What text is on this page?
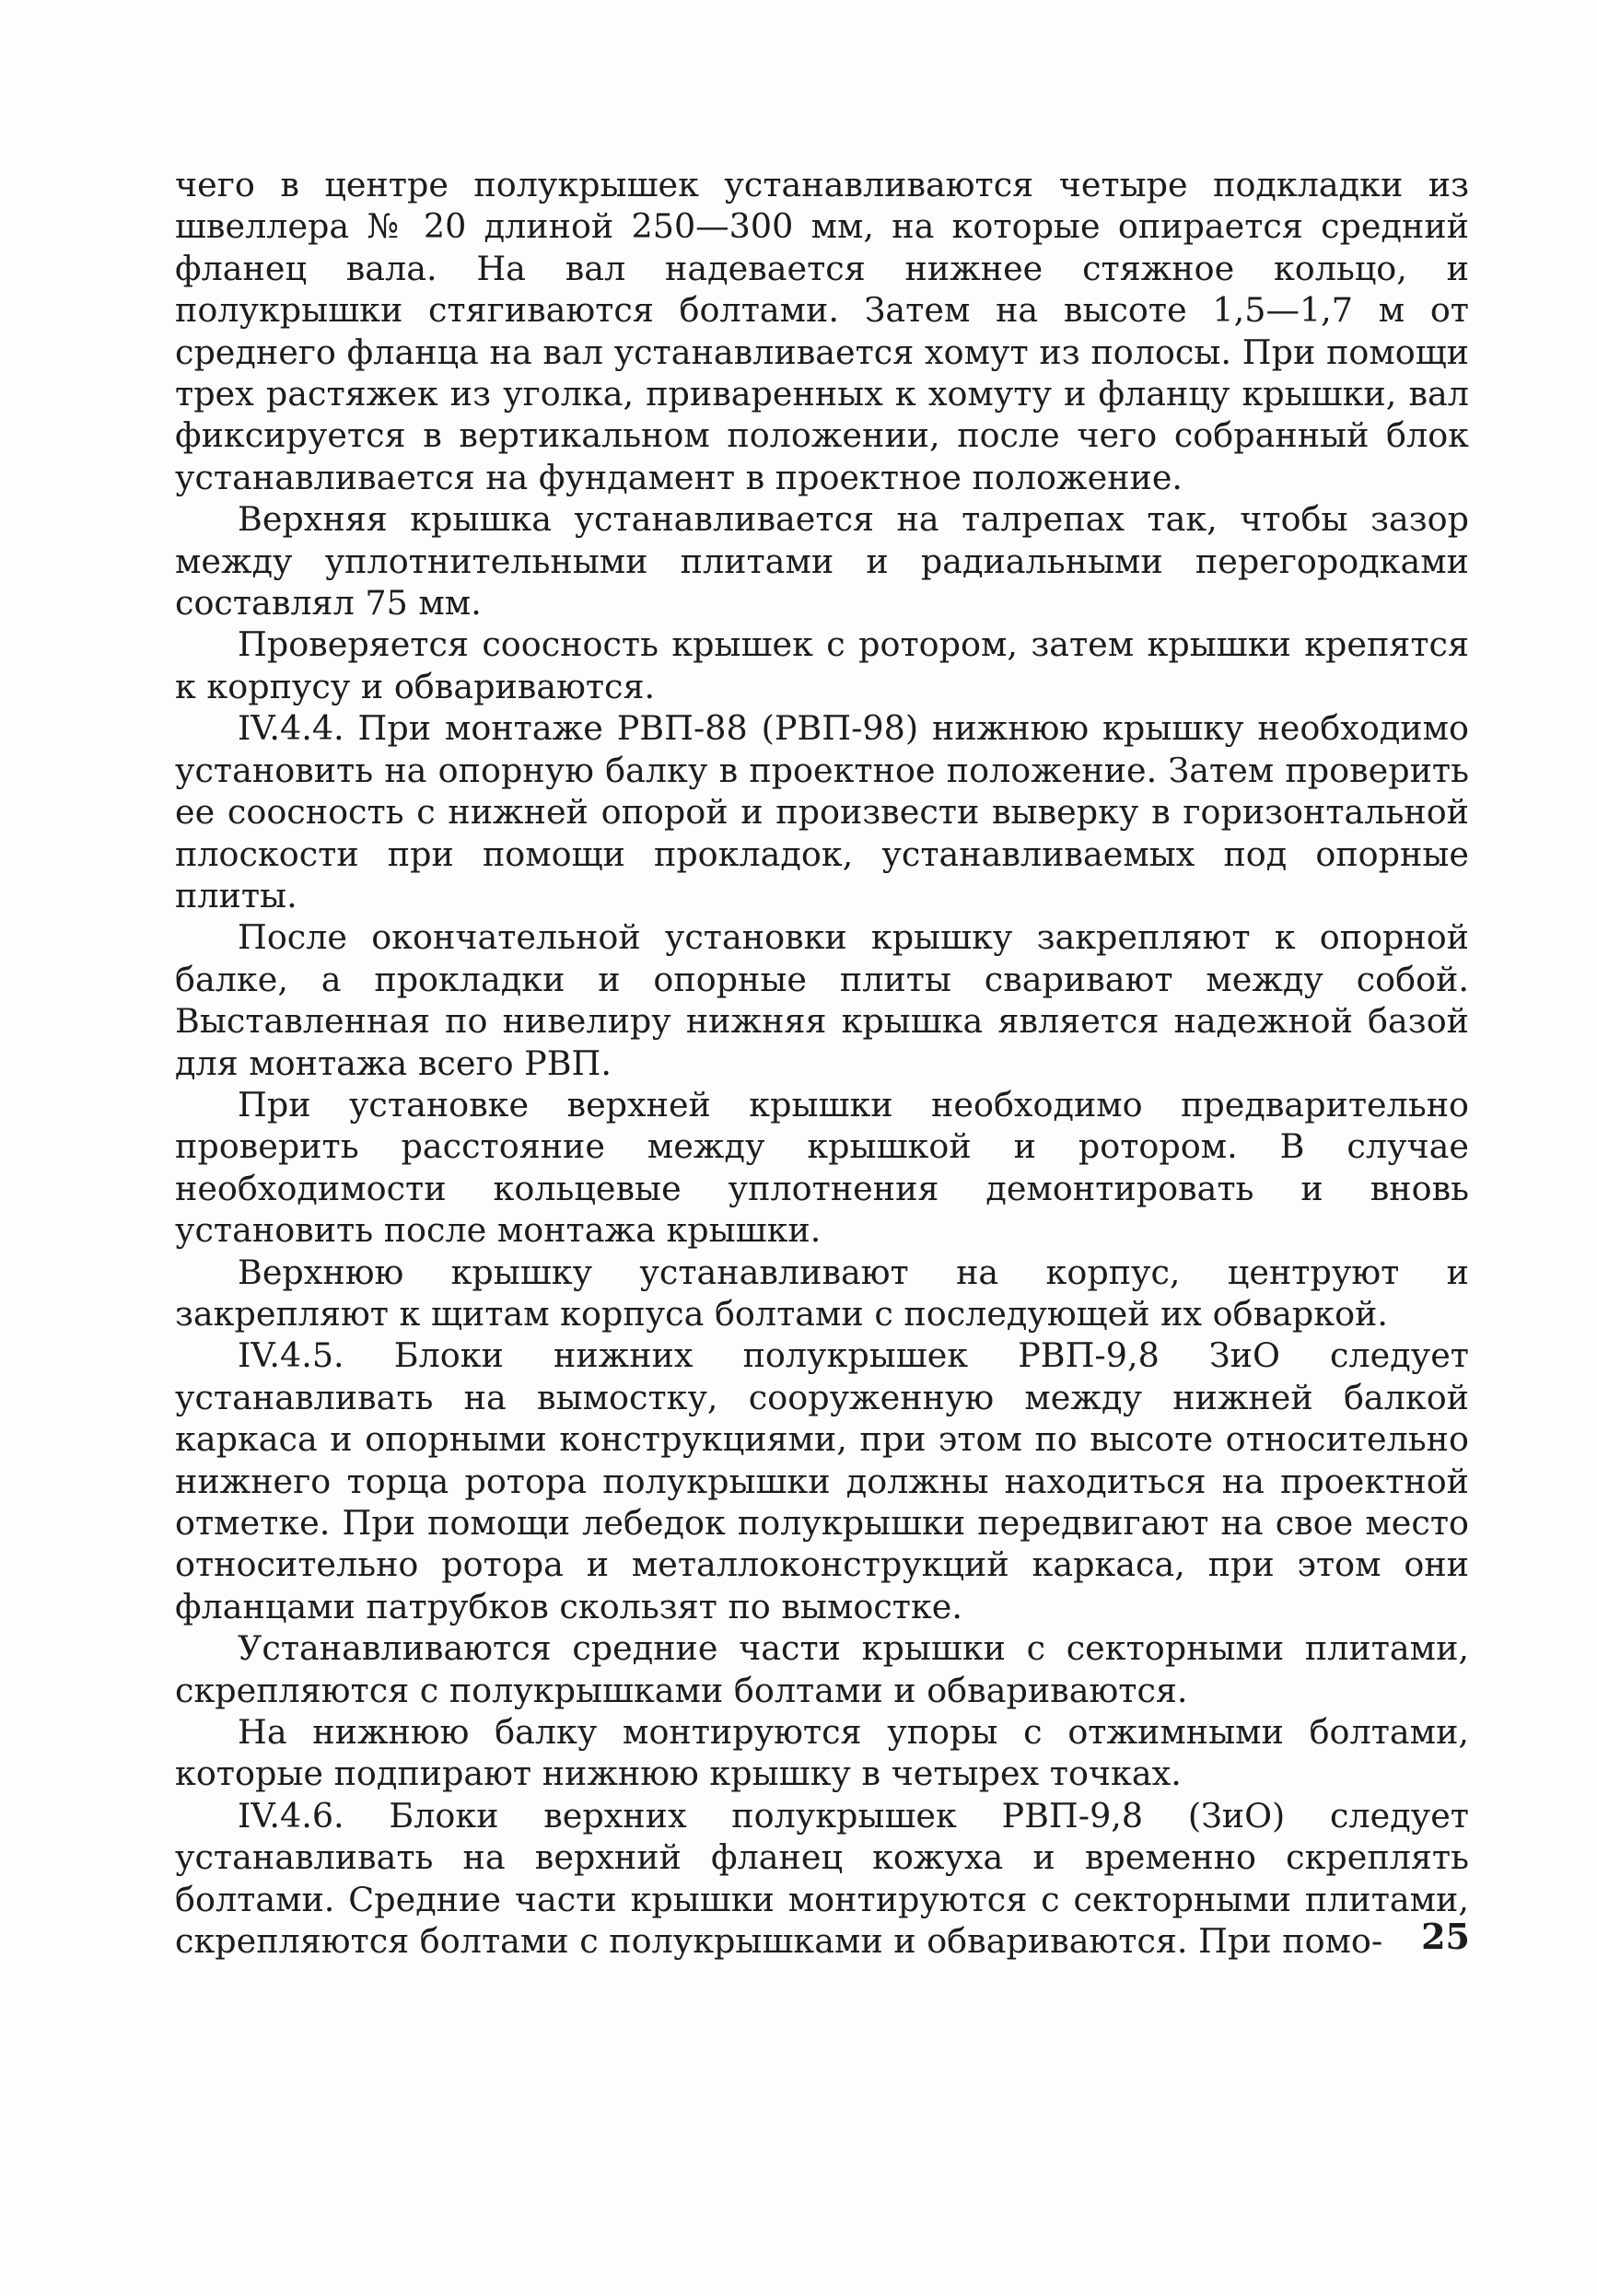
чего в центре полукрышек устанавливаются четыре подкладки из швеллера № 20 длиной 250—300 мм, на которые опирается средний фланец вала. На вал надевается нижнее стяжное кольцо, и полукрышки стягиваются болтами. Затем на высоте 1,5—1,7 м от среднего фланца на вал устанавливается хомут из полосы. При помощи трех растяжек из уголка, приваренных к хомуту и фланцу крышки, вал фиксируется в вертикальном положении, после чего собранный блок устанавливается на фундамент в проектное положение.

Верхняя крышка устанавливается на талрепах так, чтобы зазор между уплотнительными плитами и радиальными перегородками составлял 75 мм.

Проверяется соосность крышек с ротором, затем крышки крепятся к корпусу и обвариваются.

IV.4.4. При монтаже РВП-88 (РВП-98) нижнюю крышку необходимо установить на опорную балку в проектное положение. Затем проверить ее соосность с нижней опорой и произвести выверку в горизонтальной плоскости при помощи прокладок, устанавливаемых под опорные плиты.

После окончательной установки крышку закрепляют к опорной балке, а прокладки и опорные плиты сваривают между собой. Выставленная по нивелиру нижняя крышка является надежной базой для монтажа всего РВП.

При установке верхней крышки необходимо предварительно проверить расстояние между крышкой и ротором. В случае необходимости кольцевые уплотнения демонтировать и вновь установить после монтажа крышки.

Верхнюю крышку устанавливают на корпус, центруют и закрепляют к щитам корпуса болтами с последующей их обваркой.

IV.4.5. Блоки нижних полукрышек РВП-9,8 ЗиО следует устанавливать на вымостку, сооруженную между нижней балкой каркаса и опорными конструкциями, при этом по высоте относительно нижнего торца ротора полукрышки должны находиться на проектной отметке. При помощи лебедок полукрышки передвигают на свое место относительно ротора и металлоконструкций каркаса, при этом они фланцами патрубков скользят по вымостке.

Устанавливаются средние части крышки с секторными плитами, скрепляются с полукрышками болтами и обвариваются.

На нижнюю балку монтируются упоры с отжимными болтами, которые подпирают нижнюю крышку в четырех точках.

IV.4.6. Блоки верхних полукрышек РВП-9,8 (ЗиО) следует устанавливать на верхний фланец кожуха и временно скреплять болтами. Средние части крышки монтируются с секторными плитами, скрепляются болтами с полукрышками и обвариваются. При помо-	25
